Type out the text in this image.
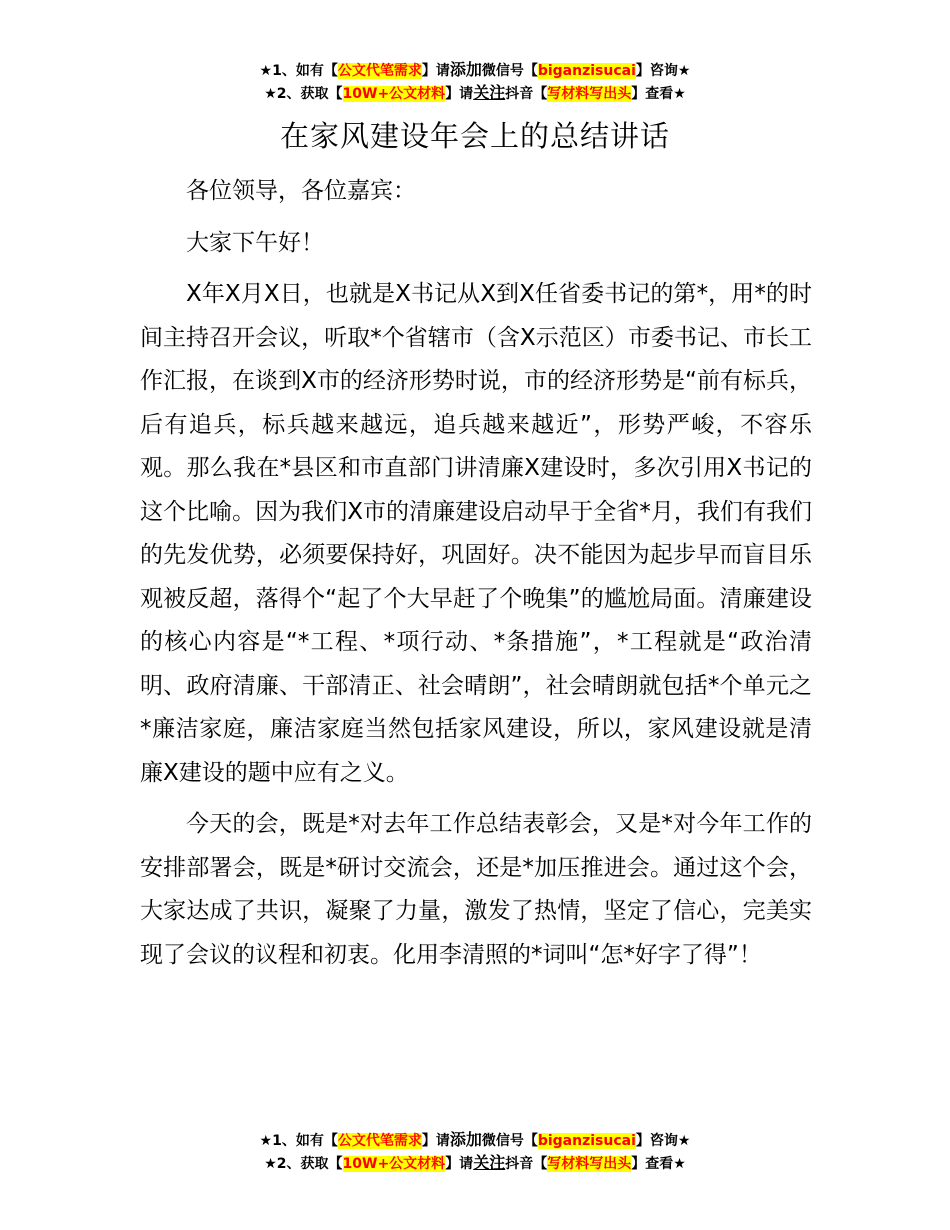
★1、如有【公文代笔需求】请添加微信号【biganzisucai】咨询★
★2、获取【10W+公文材料】请关注抖音【写材料写出头】查看★
在家风建设年会上的总结讲话

各位领导，各位嘉宾：

大家下午好！

X年X月X日，也就是X书记从X到X任省委书记的第*，用*的时间主持召开会议，听取*个省辖市（含X示范区）市委书记、市长工作汇报，在谈到X市的经济形势时说，市的经济形势是“前有标兵，后有追兵，标兵越来越远，追兵越来越近”，形势严峻，不容乐观。那么我在*县区和市直部门讲清廉X建设时，多次引用X书记的这个比喻。因为我们X市的清廉建设启动早于全省*月，我们有我们的先发优势，必须要保持好，巩固好。决不能因为起步早而盲目乐观被反超，落得个“起了个大早赶了个晚集”的尴尬局面。清廉建设的核心内容是“*工程、*项行动、*条措施”，*工程就是“政治清明、政府清廉、干部清正、社会晴朗”，社会晴朗就包括*个单元之*廉洁家庭，廉洁家庭当然包括家风建设，所以，家风建设就是清廉X建设的题中应有之义。

今天的会，既是*对去年工作总结表彰会，又是*对今年工作的安排部署会，既是*研讨交流会，还是*加压推进会。通过这个会，大家达成了共识，凝聚了力量，激发了热情，坚定了信心，完美实现了会议的议程和初衷。化用李清照的*词叫“怎*好字了得”！

★1、如有【公文代笔需求】请添加微信号【biganzisucai】咨询★
★2、获取【10W+公文材料】请关注抖音【写材料写出头】查看★
